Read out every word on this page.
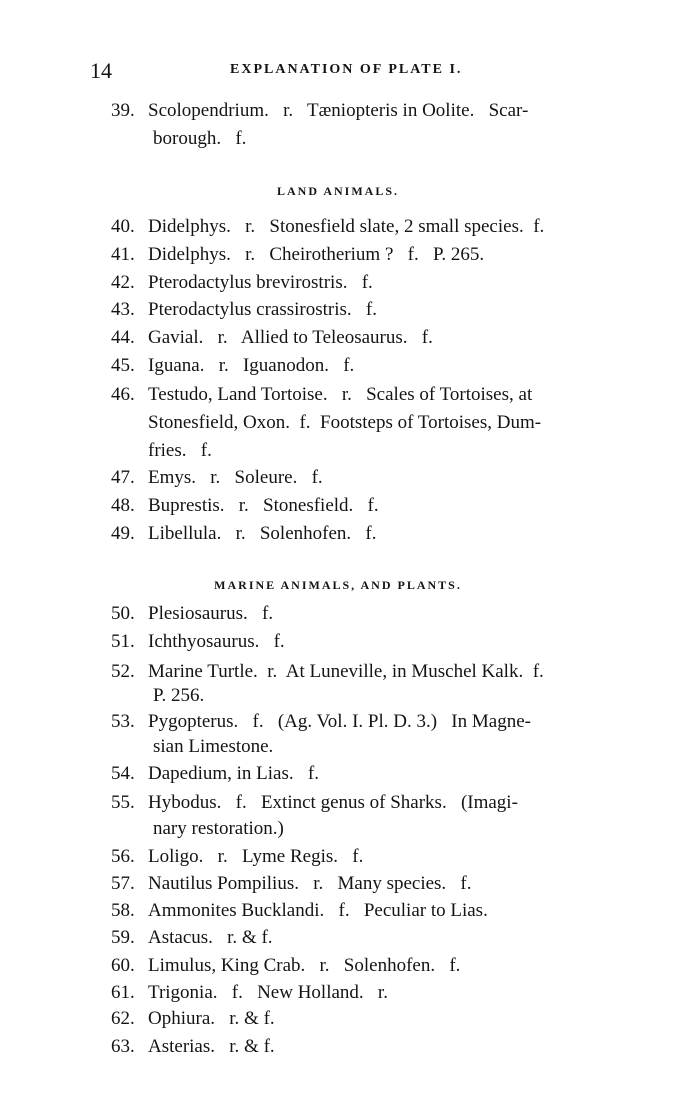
14	EXPLANATION OF PLATE I.
39. Scolopendrium.   r.   Tæniopteris in Oolite.   Scar-
borough.   f.
LAND ANIMALS.
40. Didelphys.   r.   Stonesfield slate, 2 small species.  f.
41. Didelphys.   r.   Cheirotherium ?   f.   P. 265.
42. Pterodactylus brevirostris.   f.
43. Pterodactylus crassirostris.   f.
44. Gavial.   r.   Allied to Teleosaurus.   f.
45. Iguana.   r.   Iguanodon.   f.
46. Testudo, Land Tortoise.   r.   Scales of Tortoises, at
Stonesfield, Oxon.  f.  Footsteps of Tortoises, Dum-
fries.   f.
47. Emys.   r.   Soleure.   f.
48. Buprestis.   r.   Stonesfield.   f.
49. Libellula.   r.   Solenhofen.   f.
MARINE ANIMALS, AND PLANTS.
50. Plesiosaurus.   f.
51. Ichthyosaurus.   f.
52. Marine Turtle.  r.  At Luneville, in Muschel Kalk.  f.
P. 256.
53. Pygopterus.   f.   (Ag. Vol. I. Pl. D. 3.)   In Magne-
sian Limestone.
54. Dapedium, in Lias.   f.
55. Hybodus.   f.   Extinct genus of Sharks.   (Imagi-
nary restoration.)
56. Loligo.   r.   Lyme Regis.   f.
57. Nautilus Pompilius.   r.   Many species.   f.
58. Ammonites Bucklandi.   f.   Peculiar to Lias.
59. Astacus.   r. & f.
60. Limulus, King Crab.   r.   Solenhofen.   f.
61. Trigonia.   f.   New Holland.   r.
62. Ophiura.   r. & f.
63. Asterias.   r. & f.
